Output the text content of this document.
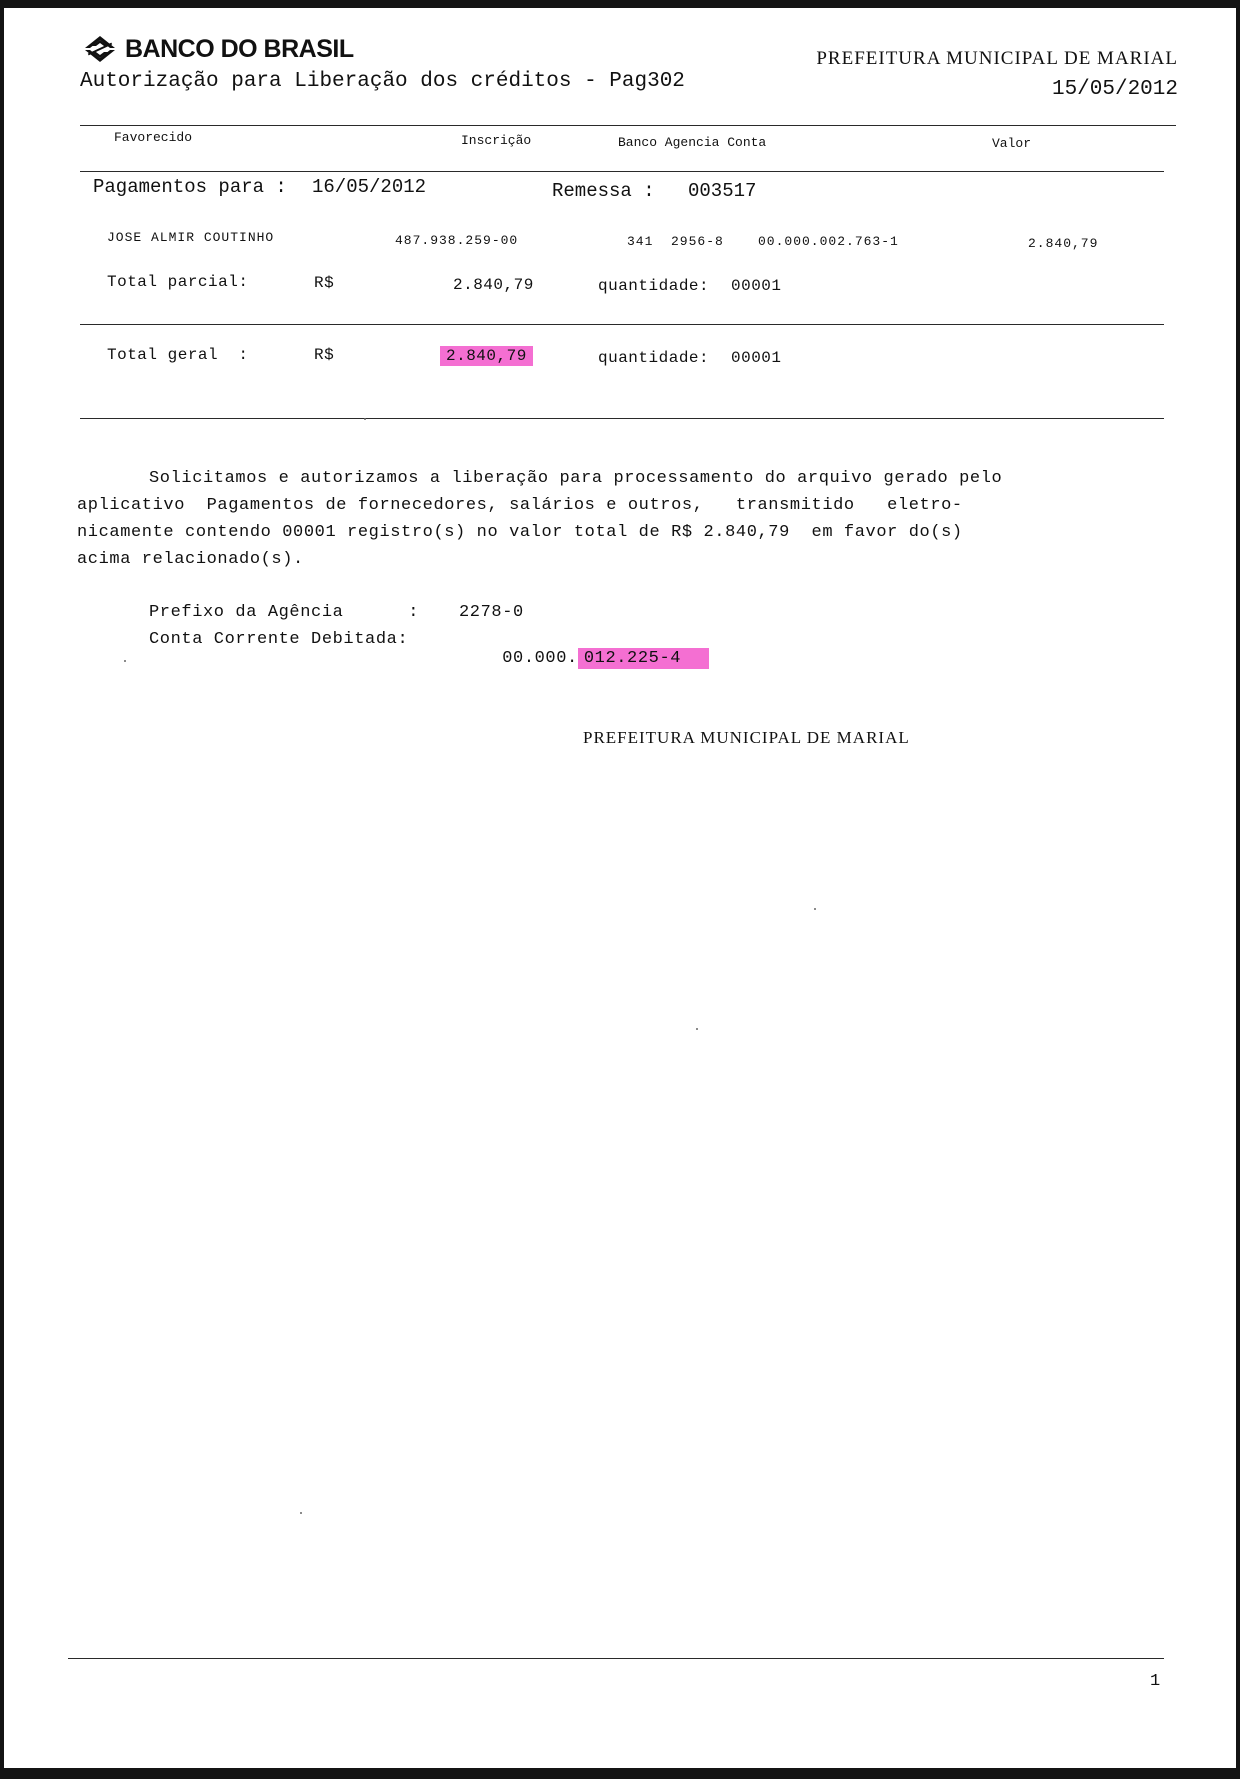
BANCO DO BRASIL
Autorização para Liberação dos créditos - Pag302
PREFEITURA MUNICIPAL DE MARIAL
15/05/2012
Favorecido	Inscrição	Banco Agencia Conta	Valor
Pagamentos para : 16/05/2012	Remessa : 003517
JOSE ALMIR COUTINHO	487.938.259-00	341  2956-8	00.000.002.763-1	2.840,79
Total parcial:	R$	2.840,79	quantidade: 00001
Total geral  :	R$	2.840,79	quantidade: 00001
Solicitamos e autorizamos a liberação para processamento do arquivo gerado pelo
aplicativo  Pagamentos de fornecedores, salários e outros,   transmitido   eletro-
nicamente contendo 00001 registro(s) no valor total de R$ 2.840,79  em favor do(s)
acima relacionado(s).
Prefixo da Agência      : 2278-0
Conta Corrente Debitada:

00.000. 012.225-4

PREFEITURA MUNICIPAL DE MARIAL
1
